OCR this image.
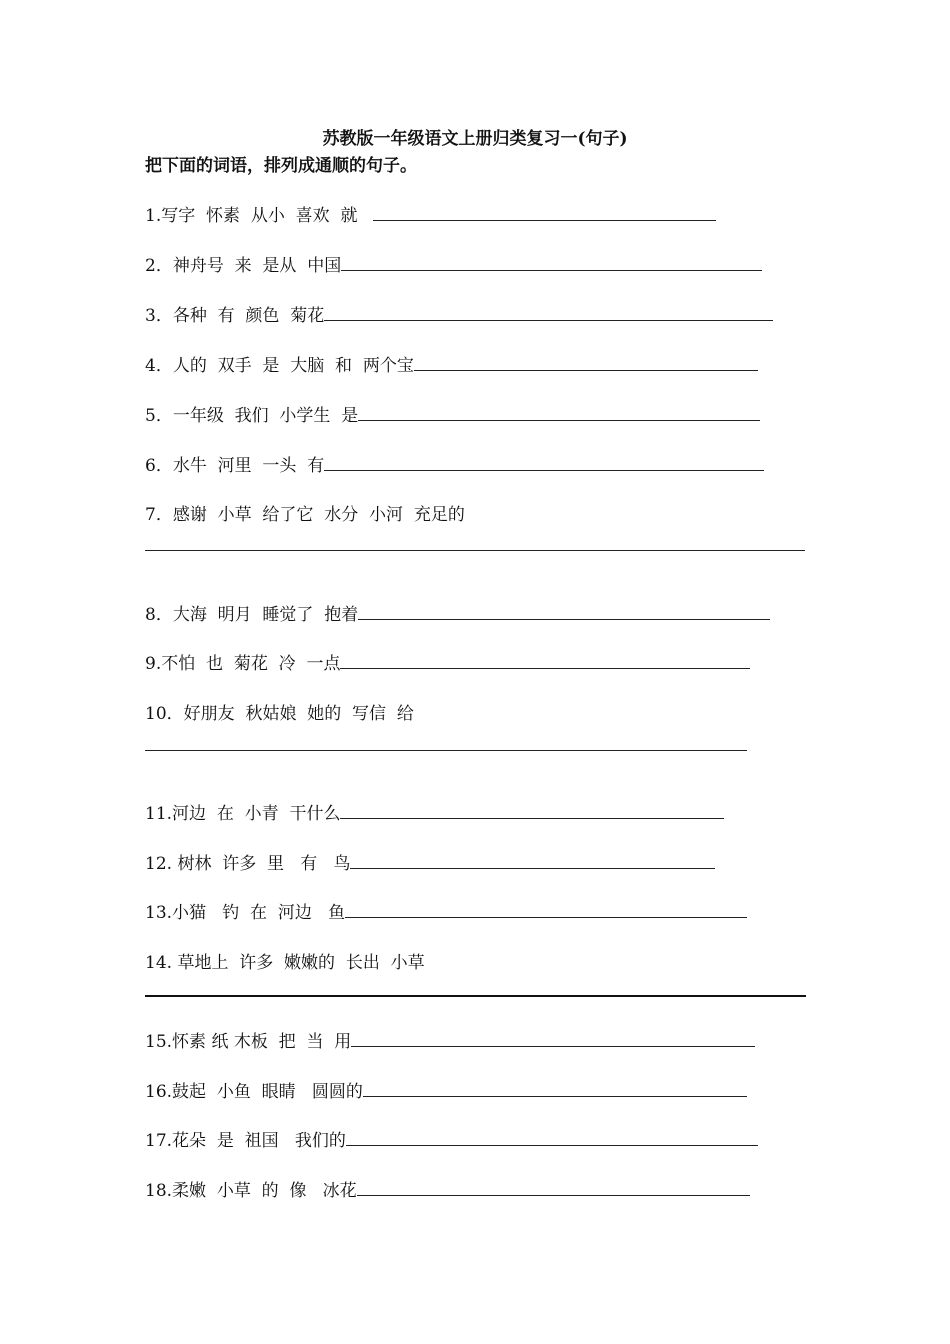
苏教版一年级语文上册归类复习一(句子)
把下面的词语，排列成通顺的句子。
1.写字  怀素  从小  喜欢  就
2．神舟号  来  是从  中国
3．各种  有  颜色  菊花
4．人的  双手  是  大脑  和  两个宝
5．一年级  我们  小学生  是
6．水牛  河里  一头  有
7．感谢  小草  给了它  水分  小河  充足的
8．大海  明月  睡觉了  抱着
9.不怕  也  菊花  冷  一点
10．好朋友  秋姑娘  她的  写信  给
11.河边  在  小青  干什么
12. 树林  许多  里   有   鸟
13.小猫   钓  在  河边   鱼
14. 草地上  许多  嫩嫩的  长出  小草
15.怀素 纸 木板  把  当  用
16.鼓起  小鱼  眼睛   圆圆的
17.花朵  是  祖国   我们的
18.柔嫩  小草  的  像   冰花
